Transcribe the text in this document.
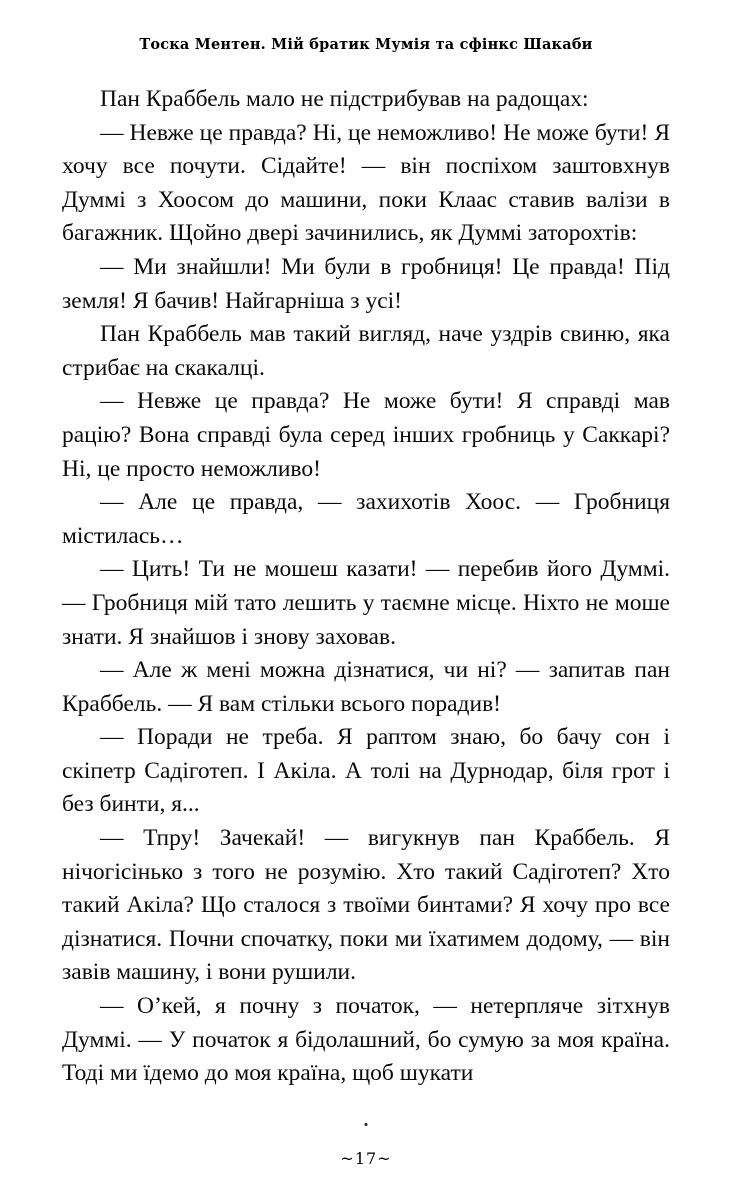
Тоска Ментен. Мій братик Мумія та сфінкс Шакаби

Пан Краббель мало не підстрибував на радощах:

— Невже це правда? Ні, це неможливо! Не може бути! Я хочу все почути. Сідайте! — він поспіхом заштовхнув Думмі з Хоосом до машини, поки Клаас ставив валізи в багажник. Щойно двері зачинились, як Думмі заторохтів:

— Ми знайшли! Ми були в гробниця! Це правда! Під земля! Я бачив! Найгарніша з усі!

Пан Краббель мав такий вигляд, наче уздрів свиню, яка стрибає на скакалці.

— Невже це правда? Не може бути! Я справді мав рацію? Вона справді була серед інших гробниць у Саккарі? Ні, це просто неможливо!

— Але це правда, — захихотів Хоос. — Гробниця містилась…

— Цить! Ти не мошеш казати! — перебив його Думмі. — Гробниця мій тато лешить у таємне місце. Ніхто не моше знати. Я знайшов і знову заховав.

— Але ж мені можна дізнатися, чи ні? — запитав пан Краббель. — Я вам стільки всього порадив!

— Поради не треба. Я раптом знаю, бо бачу сон і скіпетр Садіготеп. І Акіла. А толі на Дурнодар, біля грот і без бинти, я...

— Тпру! Зачекай! — вигукнув пан Краббель. Я нічогісінько з того не розумію. Хто такий Садіготеп? Хто такий Акіла? Що сталося з твоїми бинтами? Я хочу про все дізнатися. Почни спочатку, поки ми їхатимем додому, — він завів машину, і вони рушили.

— О’кей, я почну з початок, — нетерпляче зітхнув Думмі. — У початок я бідолашний, бо сумую за моя країна. Тоді ми їдемо до моя країна, щоб шукати

~17~
